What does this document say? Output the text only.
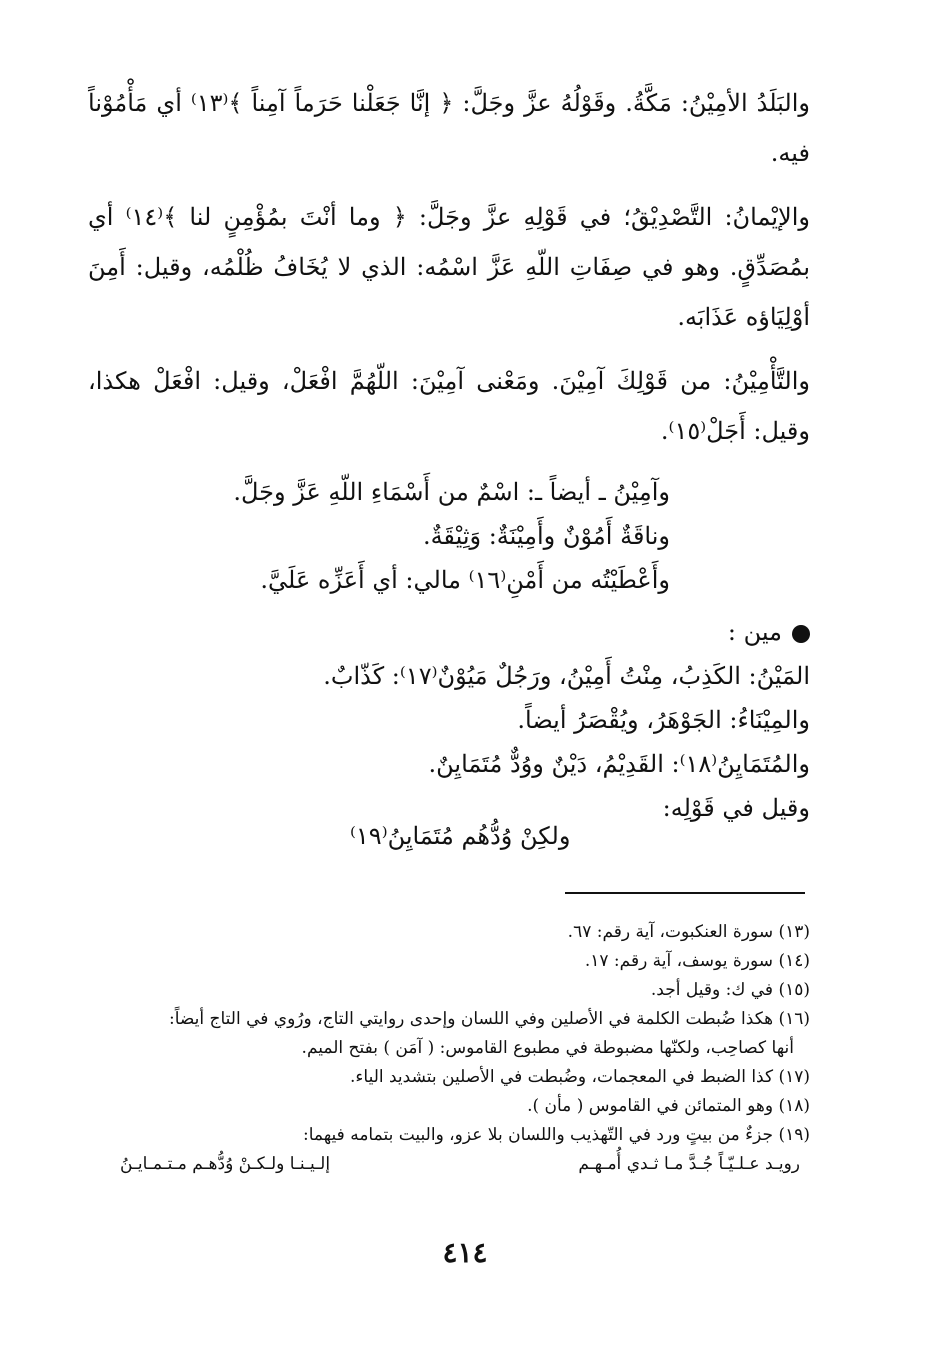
والبَلَدُ الأمِيْنُ: مَكَّةُ. وقَوْلُهُ عزَّ وجَلَّ: ﴿ إنَّا جَعَلْنا حَرَماً آمِناً ﴾⁽١٣⁾ أي مَأْمُوْناً فيه.

والإيْمانُ: التَّصْدِيْقُ؛ في قَوْلِهِ عزَّ وجَلَّ: ﴿ وما أنْتَ بمُؤْمِنٍ لنا ﴾⁽١٤⁾ أي بمُصَدِّقٍ. وهو في صِفَاتِ اللّهِ عَزَّ اسْمُه: الذي لا يُخَافُ ظُلْمُه، وقيل: أَمِنَ أوْلِيَاؤه عَذَابَه.

والتَّأْمِيْنُ: من قَوْلِكَ آمِيْنَ. ومَعْنى آمِيْنَ: اللّهُمَّ افْعَلْ، وقيل: افْعَلْ هكذا، وقيل: أَجَلْ⁽١٥⁾.

وآمِيْنُ ـ أيضاً ـ: اسْمٌ من أَسْمَاءِ اللّهِ عَزَّ وجَلَّ.

وناقَةٌ أَمُوْنٌ وأَمِيْنَةٌ: وَثِيْقَةٌ.

وأَعْطَيْتُه من أَمْنِ⁽١٦⁾ مالي: أي أَعَزِّه عَلَيَّ.

مين :

المَيْنُ: الكَذِبُ، مِنْتُ أَمِيْنُ، ورَجُلٌ مَيُوْنٌ⁽١٧⁾: كَذّابٌ.

والمِيْنَاءُ: الجَوْهَرُ، ويُقْصَرُ أيضاً.

والمُتَمَايِنُ⁽١٨⁾: القَدِيْمُ، دَيْنٌ ووُدٌّ مُتَمَايِنٌ.

وقيل في قَوْلِه:

ولكِنْ وُدُّهُم مُتَمَايِنُ⁽١٩⁾

(١٣) سورة العنكبوت، آية رقم: ٦٧.

(١٤) سورة يوسف، آية رقم: ١٧.

(١٥) في ك: وقيل أجد.

(١٦) هكذا ضُبطت الكلمة في الأصلين وفي اللسان وإحدى روايتي التاج، ورُوي في التاج أيضاً:
أنها كصاحِب، ولكنّها مضبوطة في مطبوع القاموس: ( آمَن ) بفتح الميم.

(١٧) كذا الضبط في المعجمات، وضُبطت في الأصلين بتشديد الياء.

(١٨) وهو المتمائن في القاموس ( مأن ).

(١٩) جزءٌ من بيتٍ ورد في التّهذيب واللسان بلا عزو، والبيت بتمامه فيهما:

رويـد عـلـيّـاً جُـدَّ مـا ثـدي أُمـهـم
إلـيـنـا ولـكـنْ وُدُّهـم مـتـمـايـنُ
٤١٤
